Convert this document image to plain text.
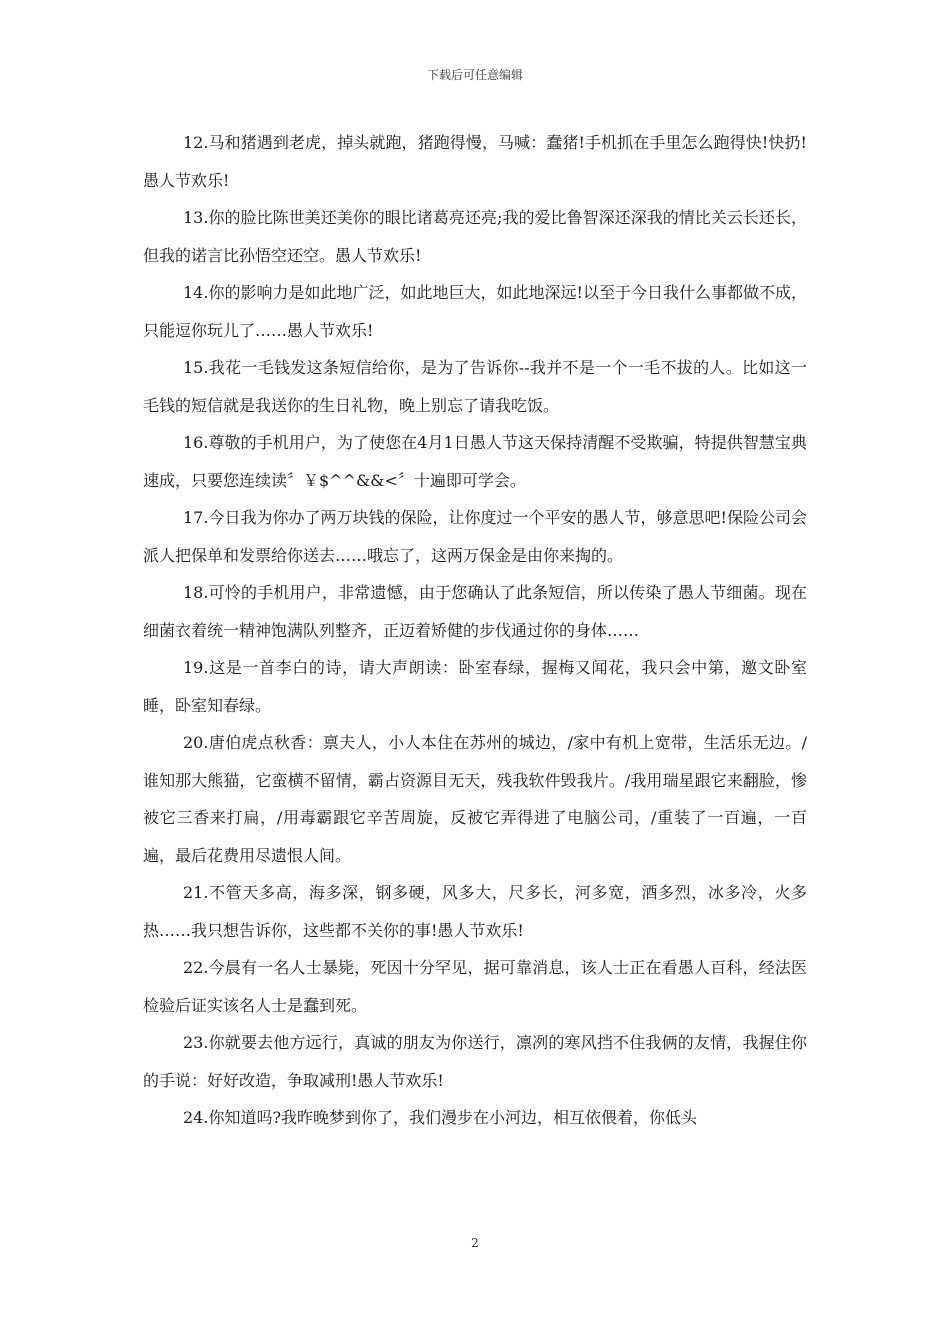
下载后可任意编辑

12.马和猪遇到老虎，掉头就跑，猪跑得慢，马喊：蠢猪!手机抓在手里怎么跑得快!快扔!愚人节欢乐!

13.你的脸比陈世美还美你的眼比诸葛亮还亮;我的爱比鲁智深还深我的情比关云长还长，但我的诺言比孙悟空还空。愚人节欢乐!

14.你的影响力是如此地广泛，如此地巨大，如此地深远!以至于今日我什么事都做不成，只能逗你玩儿了……愚人节欢乐!

15.我花一毛钱发这条短信给你，是为了告诉你--我并不是一个一毛不拔的人。比如这一毛钱的短信就是我送你的生日礼物，晚上别忘了请我吃饭。

16.尊敬的手机用户，为了使您在4月1日愚人节这天保持清醒不受欺骗，特提供智慧宝典速成，只要您连续读〞￥$^^&&<〞十遍即可学会。

17.今日我为你办了两万块钱的保险，让你度过一个平安的愚人节，够意思吧!保险公司会派人把保单和发票给你送去……哦忘了，这两万保金是由你来掏的。

18.可怜的手机用户，非常遗憾，由于您确认了此条短信，所以传染了愚人节细菌。现在细菌衣着统一精神饱满队列整齐，正迈着矫健的步伐通过你的身体……

19.这是一首李白的诗，请大声朗读：卧室春绿，握梅又闻花，我只会中第，邀文卧室睡，卧室知春绿。

20.唐伯虎点秋香：禀夫人，小人本住在苏州的城边，/家中有机上宽带，生活乐无边。/谁知那大熊猫，它蛮横不留情，霸占资源目无天，残我软件毁我片。/我用瑞星跟它来翻脸，惨被它三香来打扁，/用毒霸跟它辛苦周旋，反被它弄得进了电脑公司，/重装了一百遍，一百遍，最后花费用尽遗恨人间。

21.不管天多高，海多深，钢多硬，风多大，尺多长，河多宽，酒多烈，冰多冷，火多热……我只想告诉你，这些都不关你的事!愚人节欢乐!

22.今晨有一名人士暴毙，死因十分罕见，据可靠消息，该人士正在看愚人百科，经法医检验后证实该名人士是蠢到死。

23.你就要去他方远行，真诚的朋友为你送行，凛冽的寒风挡不住我俩的友情，我握住你的手说：好好改造，争取减刑!愚人节欢乐!

24.你知道吗?我昨晚梦到你了，我们漫步在小河边，相互依偎着，你低头

2
